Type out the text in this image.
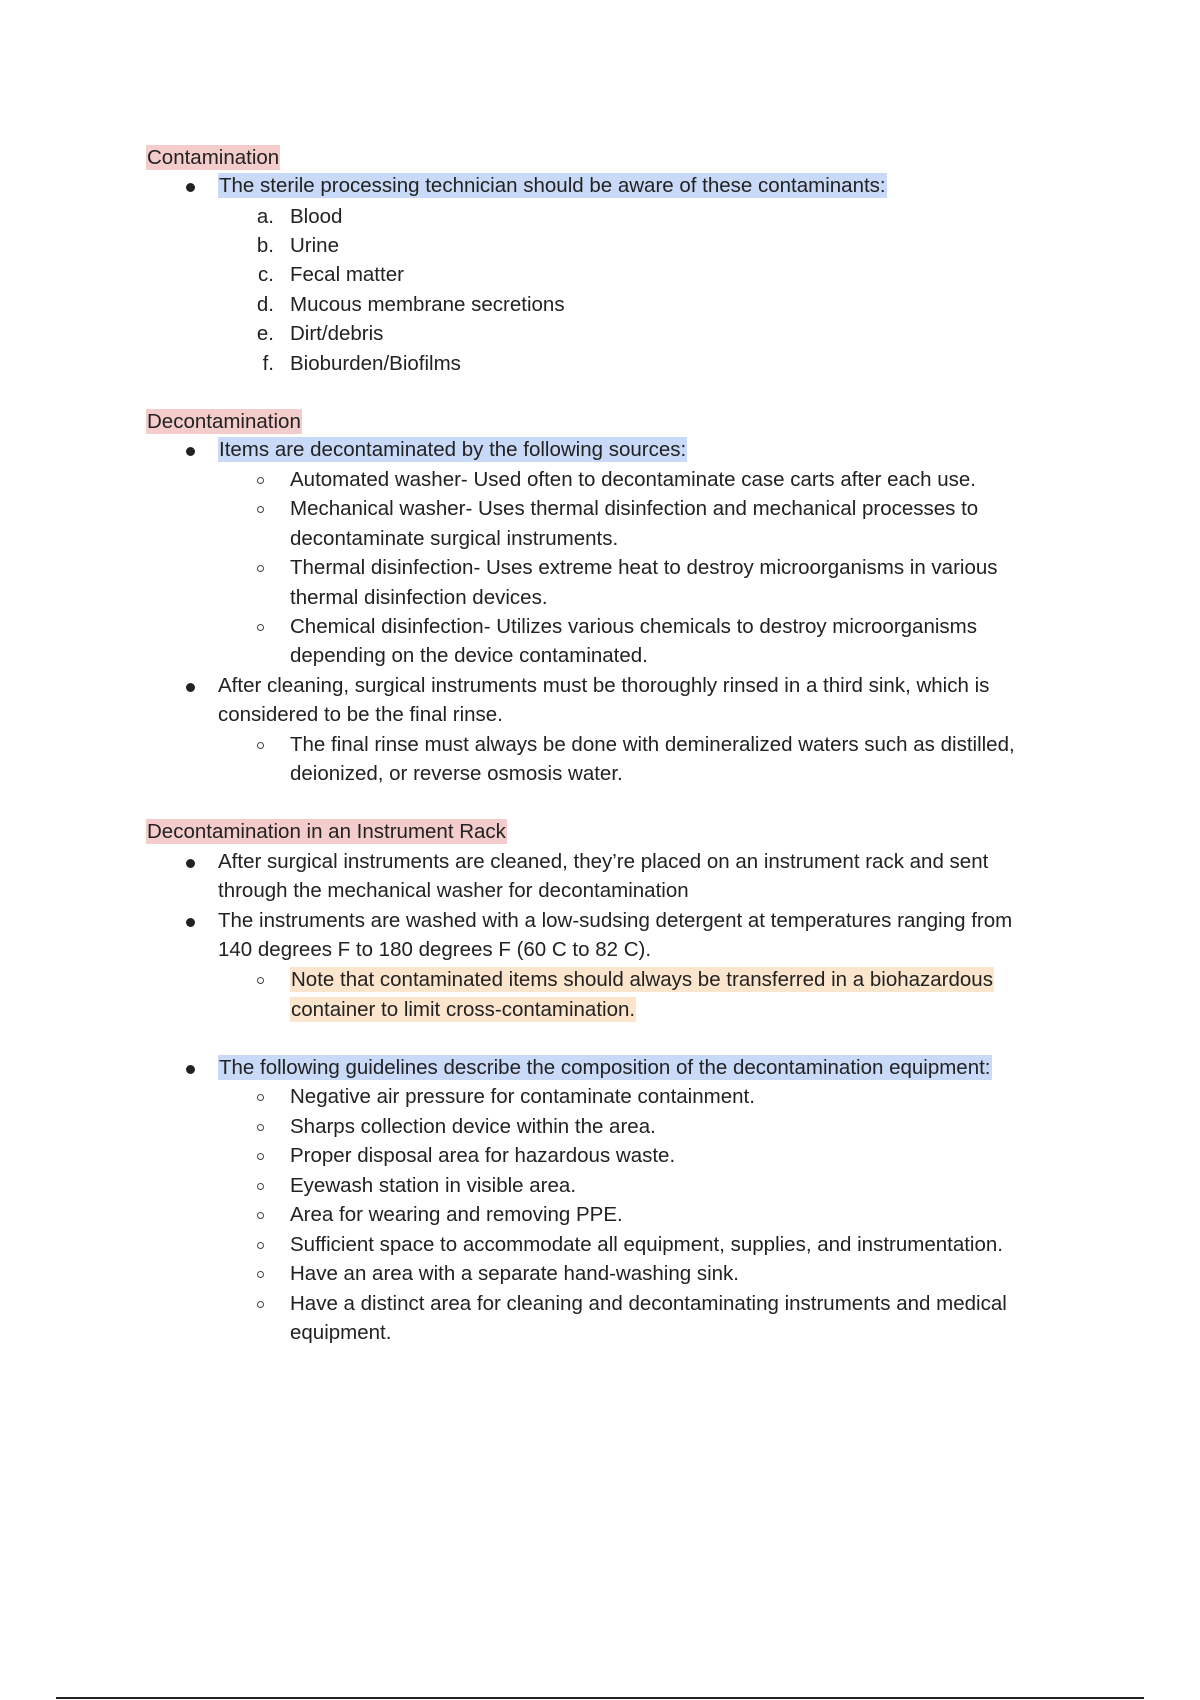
Contamination
The sterile processing technician should be aware of these contaminants:
a. Blood
b. Urine
c. Fecal matter
d. Mucous membrane secretions
e. Dirt/debris
f. Bioburden/Biofilms
Decontamination
Items are decontaminated by the following sources:
Automated washer- Used often to decontaminate case carts after each use.
Mechanical washer- Uses thermal disinfection and mechanical processes to
decontaminate surgical instruments.
Thermal disinfection- Uses extreme heat to destroy microorganisms in various
thermal disinfection devices.
Chemical disinfection- Utilizes various chemicals to destroy microorganisms
depending on the device contaminated.
After cleaning, surgical instruments must be thoroughly rinsed in a third sink, which is
considered to be the final rinse.
The final rinse must always be done with demineralized waters such as distilled,
deionized, or reverse osmosis water.
Decontamination in an Instrument Rack
After surgical instruments are cleaned, they’re placed on an instrument rack and sent
through the mechanical washer for decontamination
The instruments are washed with a low-sudsing detergent at temperatures ranging from
140 degrees F to 180 degrees F (60 C to 82 C).
Note that contaminated items should always be transferred in a biohazardous
container to limit cross-contamination.
The following guidelines describe the composition of the decontamination equipment:
Negative air pressure for contaminate containment.
Sharps collection device within the area.
Proper disposal area for hazardous waste.
Eyewash station in visible area.
Area for wearing and removing PPE.
Sufficient space to accommodate all equipment, supplies, and instrumentation.
Have an area with a separate hand-washing sink.
Have a distinct area for cleaning and decontaminating instruments and medical
equipment.
